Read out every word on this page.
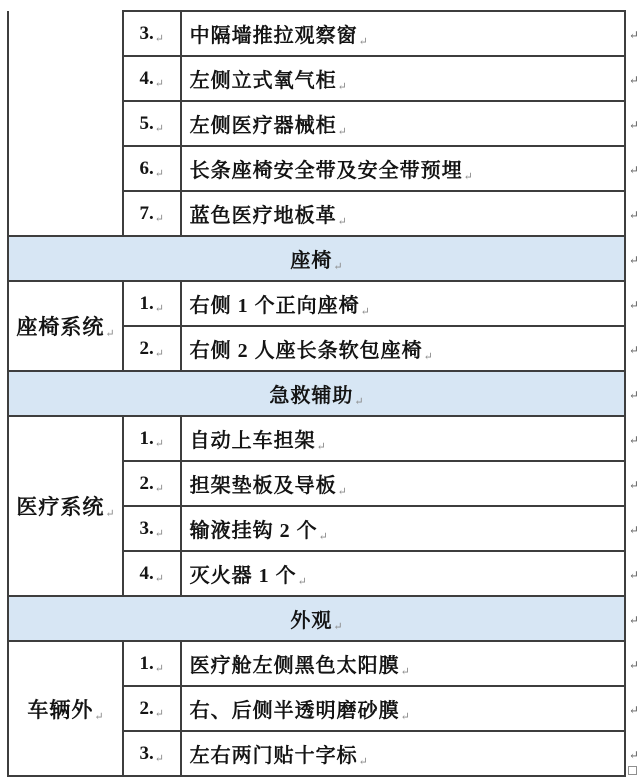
	3.↵	中隔墙推拉观察窗↵	↵
	4.↵	左侧立式氧气柜↵	↵
	5.↵	左侧医疗器械柜↵	↵
	6.↵	长条座椅安全带及安全带预埋↵	↵
	7.↵	蓝色医疗地板革↵	↵
座椅↵			↵
座椅系统↵	1.↵	右侧 1 个正向座椅↵	↵
	2.↵	右侧 2 人座长条软包座椅↵	↵
急救辅助↵			↵
医疗系统↵	1.↵	自动上车担架↵	↵
	2.↵	担架垫板及导板↵	↵
	3.↵	输液挂钩 2 个↵	↵
	4.↵	灭火器 1 个↵	↵
外观↵			↵
车辆外↵	1.↵	医疗舱左侧黑色太阳膜↵	↵
	2.↵	右、后侧半透明磨砂膜↵	↵
	3.↵	左右两门贴十字标↵	↵
